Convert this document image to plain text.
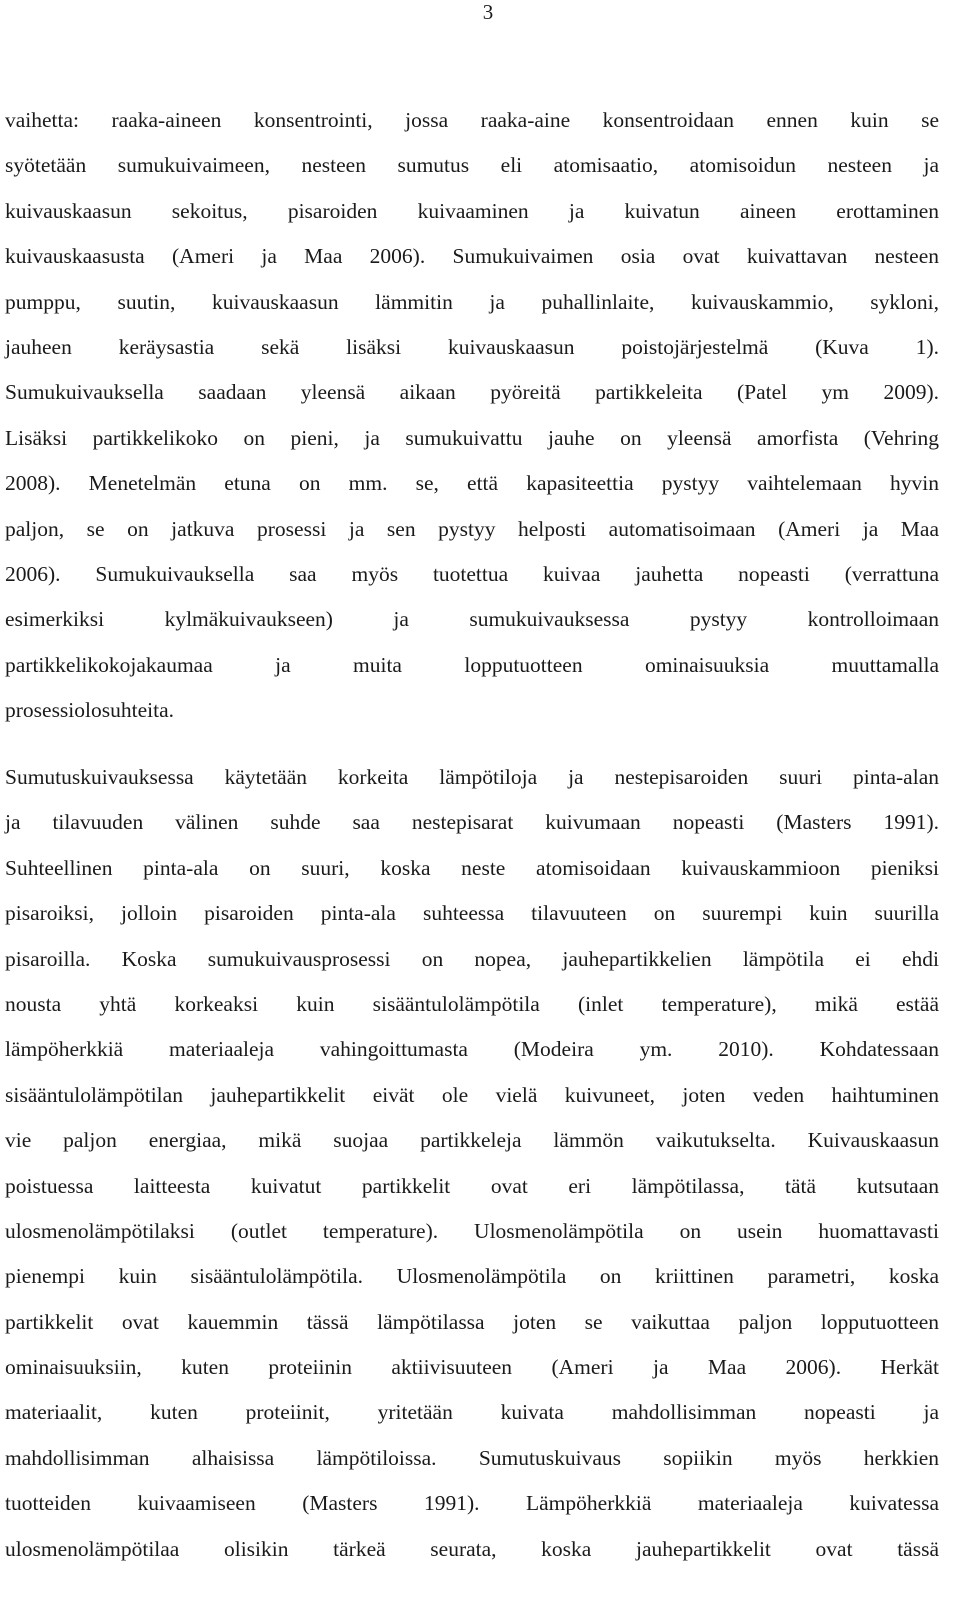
3
vaihetta: raaka-aineen konsentrointi, jossa raaka-aine konsentroidaan ennen kuin se
syötetään sumukuivaimeen, nesteen sumutus eli atomisaatio, atomisoidun nesteen ja
kuivauskaasun sekoitus, pisaroiden kuivaaminen ja kuivatun aineen erottaminen
kuivauskaasusta (Ameri ja Maa 2006). Sumukuivaimen osia ovat kuivattavan nesteen
pumppu, suutin, kuivauskaasun lämmitin ja puhallinlaite, kuivauskammio, sykloni,
jauheen keräysastia sekä lisäksi kuivauskaasun poistojärjestelmä (Kuva 1).
Sumukuivauksella saadaan yleensä aikaan pyöreitä partikkeleita (Patel ym 2009).
Lisäksi partikkelikoko on pieni, ja sumukuivattu jauhe on yleensä amorfista (Vehring
2008). Menetelmän etuna on mm. se, että kapasiteettia pystyy vaihtelemaan hyvin
paljon, se on jatkuva prosessi ja sen pystyy helposti automatisoimaan (Ameri ja Maa
2006). Sumukuivauksella saa myös tuotettua kuivaa jauhetta nopeasti (verrattuna
esimerkiksi kylmäkuivaukseen) ja sumukuivauksessa pystyy kontrolloimaan
partikkelikokojakaumaa ja muita lopputuotteen ominaisuuksia muuttamalla
prosessiolosuhteita.
Sumutuskuivauksessa käytetään korkeita lämpötiloja ja nestepisaroiden suuri pinta-alan
ja tilavuuden välinen suhde saa nestepisarat kuivumaan nopeasti (Masters 1991).
Suhteellinen pinta-ala on suuri, koska neste atomisoidaan kuivauskammioon pieniksi
pisaroiksi, jolloin pisaroiden pinta-ala suhteessa tilavuuteen on suurempi kuin suurilla
pisaroilla. Koska sumukuivausprosessi on nopea, jauhepartikkelien lämpötila ei ehdi
nousta yhtä korkeaksi kuin sisääntulolämpötila (inlet temperature), mikä estää
lämpöherkkiä materiaaleja vahingoittumasta (Modeira ym. 2010). Kohdatessaan
sisääntulolämpötilan jauhepartikkelit eivät ole vielä kuivuneet, joten veden haihtuminen
vie paljon energiaa, mikä suojaa partikkeleja lämmön vaikutukselta. Kuivauskaasun
poistuessa laitteesta kuivatut partikkelit ovat eri lämpötilassa, tätä kutsutaan
ulosmenolämpötilaksi (outlet temperature). Ulosmenolämpötila on usein huomattavasti
pienempi kuin sisääntulolämpötila. Ulosmenolämpötila on kriittinen parametri, koska
partikkelit ovat kauemmin tässä lämpötilassa joten se vaikuttaa paljon lopputuotteen
ominaisuuksiin, kuten proteiinin aktiivisuuteen (Ameri ja Maa 2006). Herkät
materiaalit, kuten proteiinit, yritetään kuivata mahdollisimman nopeasti ja
mahdollisimman alhaisissa lämpötiloissa. Sumutuskuivaus sopiikin myös herkkien
tuotteiden kuivaamiseen (Masters 1991). Lämpöherkkiä materiaaleja kuivatessa
ulosmenolämpötilaa olisikin tärkeä seurata, koska jauhepartikkelit ovat tässä
